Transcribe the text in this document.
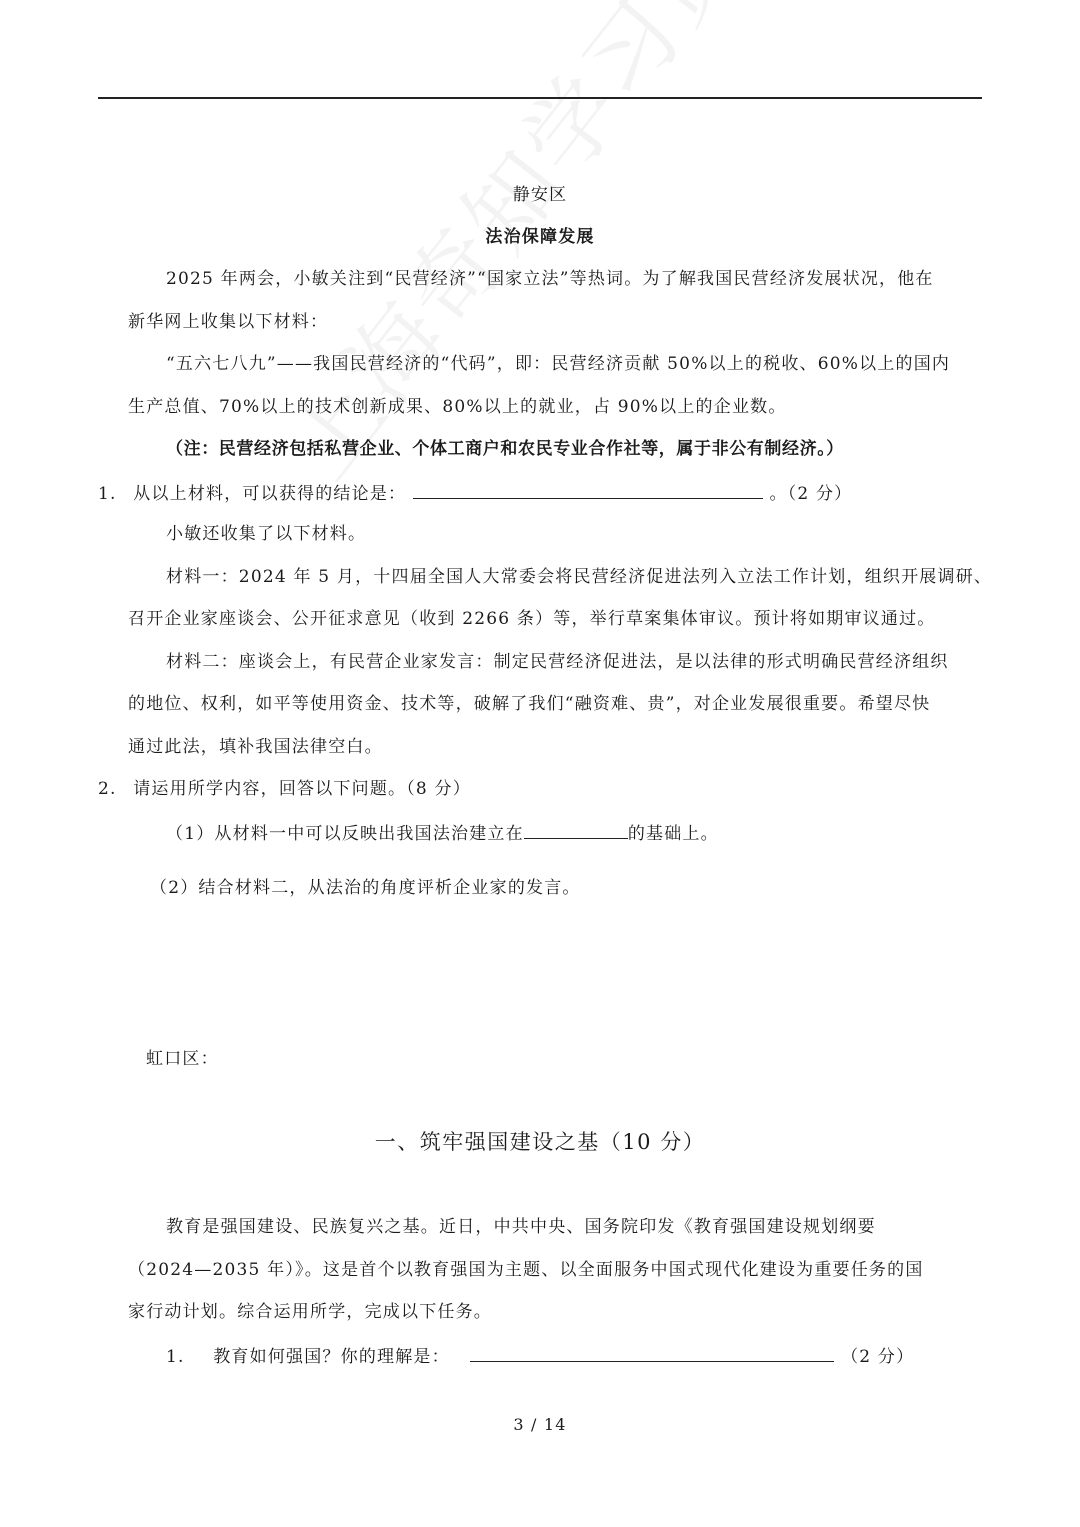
静安区
法治保障发展
2025 年两会，小敏关注到“民营经济”“国家立法”等热词。为了解我国民营经济发展状况，他在
新华网上收集以下材料：
“五六七八九”——我国民营经济的“代码”，即：民营经济贡献 50%以上的税收、60%以上的国内
生产总值、70%以上的技术创新成果、80%以上的就业，占 90%以上的企业数。
（注：民营经济包括私营企业、个体工商户和农民专业合作社等，属于非公有制经济。）
1. 从以上材料，可以获得的结论是：	。（2 分）
小敏还收集了以下材料。
材料一：2024 年 5 月，十四届全国人大常委会将民营经济促进法列入立法工作计划，组织开展调研、
召开企业家座谈会、公开征求意见（收到 2266 条）等，举行草案集体审议。预计将如期审议通过。
材料二：座谈会上，有民营企业家发言：制定民营经济促进法，是以法律的形式明确民营经济组织
的地位、权利，如平等使用资金、技术等，破解了我们“融资难、贵”，对企业发展很重要。希望尽快
通过此法，填补我国法律空白。
2. 请运用所学内容，回答以下问题。（8 分）
（1）从材料一中可以反映出我国法治建立在	的基础上。
（2）结合材料二，从法治的角度评析企业家的发言。
虹口区：
一、筑牢强国建设之基（10 分）
教育是强国建设、民族复兴之基。近日，中共中央、国务院印发《教育强国建设规划纲要
（2024—2035 年）》。这是首个以教育强国为主题、以全面服务中国式现代化建设为重要任务的国
家行动计划。综合运用所学，完成以下任务。
1. 教育如何强国？你的理解是：	（2 分）
3 / 14
